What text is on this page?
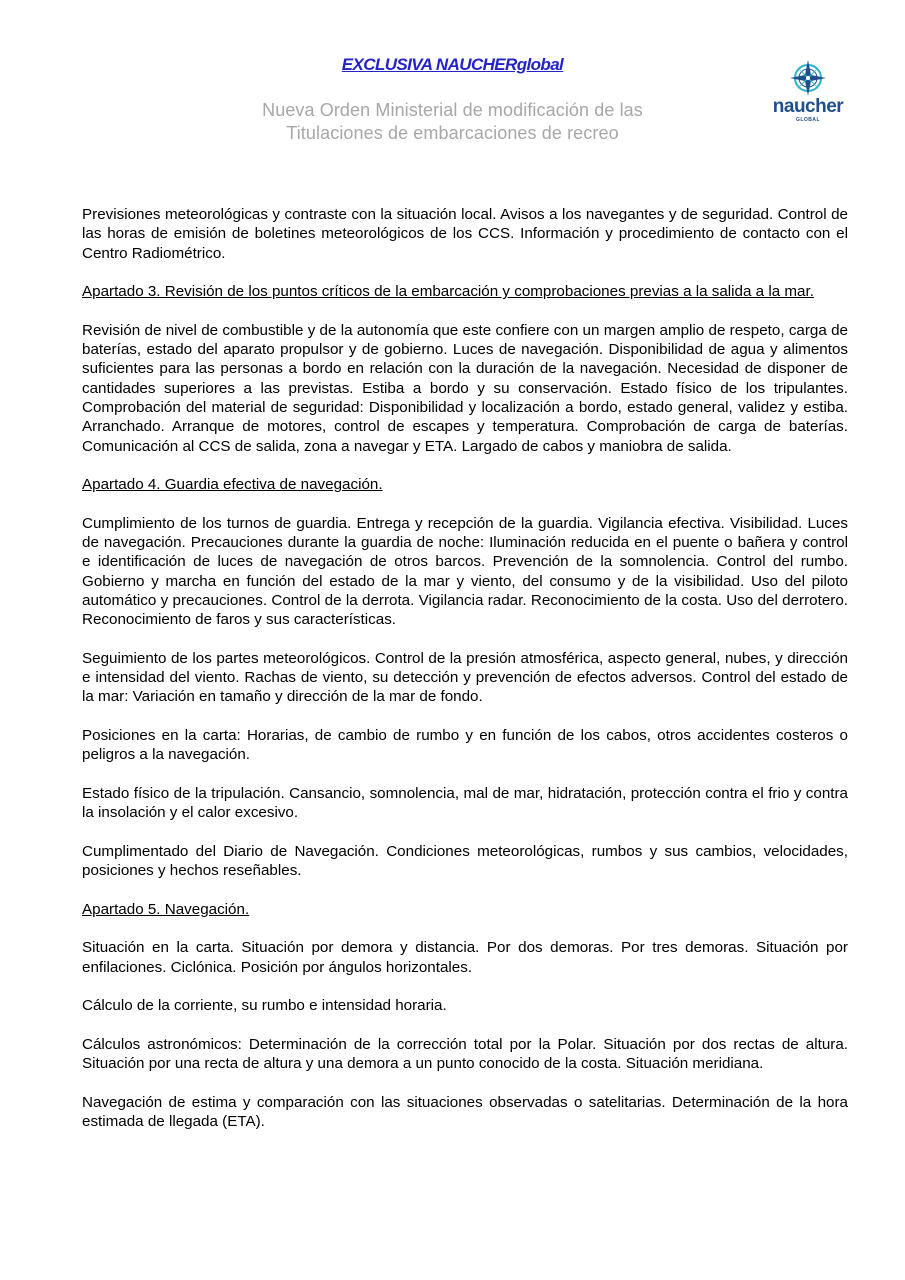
EXCLUSIVA NAUCHERglobal
Nueva Orden Ministerial de modificación de las
Titulaciones de embarcaciones de recreo
naucher
GLOBAL

Previsiones meteorológicas y contraste con la situación local. Avisos a los navegantes y de seguridad. Control de las horas de emisión de boletines meteorológicos de los CCS. Información y procedimiento de contacto con el Centro Radiométrico.

Apartado 3. Revisión de los puntos críticos de la embarcación y comprobaciones previas a la salida a la mar.

Revisión de nivel de combustible y de la autonomía que este confiere con un margen amplio de respeto, carga de baterías, estado del aparato propulsor y de gobierno. Luces de navegación. Disponibilidad de agua y alimentos suficientes para las personas a bordo en relación con la duración de la navegación. Necesidad de disponer de cantidades superiores a las previstas. Estiba a bordo y su conservación. Estado físico de los tripulantes. Comprobación del material de seguridad: Disponibilidad y localización a bordo, estado general, validez y estiba. Arranchado. Arranque de motores, control de escapes y temperatura. Comprobación de carga de baterías. Comunicación al CCS de salida, zona a navegar y ETA. Largado de cabos y maniobra de salida.

Apartado 4. Guardia efectiva de navegación.

Cumplimiento de los turnos de guardia. Entrega y recepción de la guardia. Vigilancia efectiva. Visibilidad. Luces de navegación. Precauciones durante la guardia de noche: Iluminación reducida en el puente o bañera y control e identificación de luces de navegación de otros barcos. Prevención de la somnolencia. Control del rumbo. Gobierno y marcha en función del estado de la mar y viento, del consumo y de la visibilidad. Uso del piloto automático y precauciones. Control de la derrota. Vigilancia radar. Reconocimiento de la costa. Uso del derrotero. Reconocimiento de faros y sus características.

Seguimiento de los partes meteorológicos. Control de la presión atmosférica, aspecto general, nubes, y dirección e intensidad del viento. Rachas de viento, su detección y prevención de efectos adversos. Control del estado de la mar: Variación en tamaño y dirección de la mar de fondo.

Posiciones en la carta: Horarias, de cambio de rumbo y en función de los cabos, otros accidentes costeros o peligros a la navegación.

Estado físico de la tripulación. Cansancio, somnolencia, mal de mar, hidratación, protección contra el frio y contra la insolación y el calor excesivo.

Cumplimentado del Diario de Navegación. Condiciones meteorológicas, rumbos y sus cambios, velocidades, posiciones y hechos reseñables.

Apartado 5. Navegación.

Situación en la carta. Situación por demora y distancia. Por dos demoras. Por tres demoras. Situación por enfilaciones. Ciclónica. Posición por ángulos horizontales.

Cálculo de la corriente, su rumbo e intensidad horaria.

Cálculos astronómicos: Determinación de la corrección total por la Polar. Situación por dos rectas de altura. Situación por una recta de altura y una demora a un punto conocido de la costa. Situación meridiana.

Navegación de estima y comparación con las situaciones observadas o satelitarias. Determinación de la hora estimada de llegada (ETA).
